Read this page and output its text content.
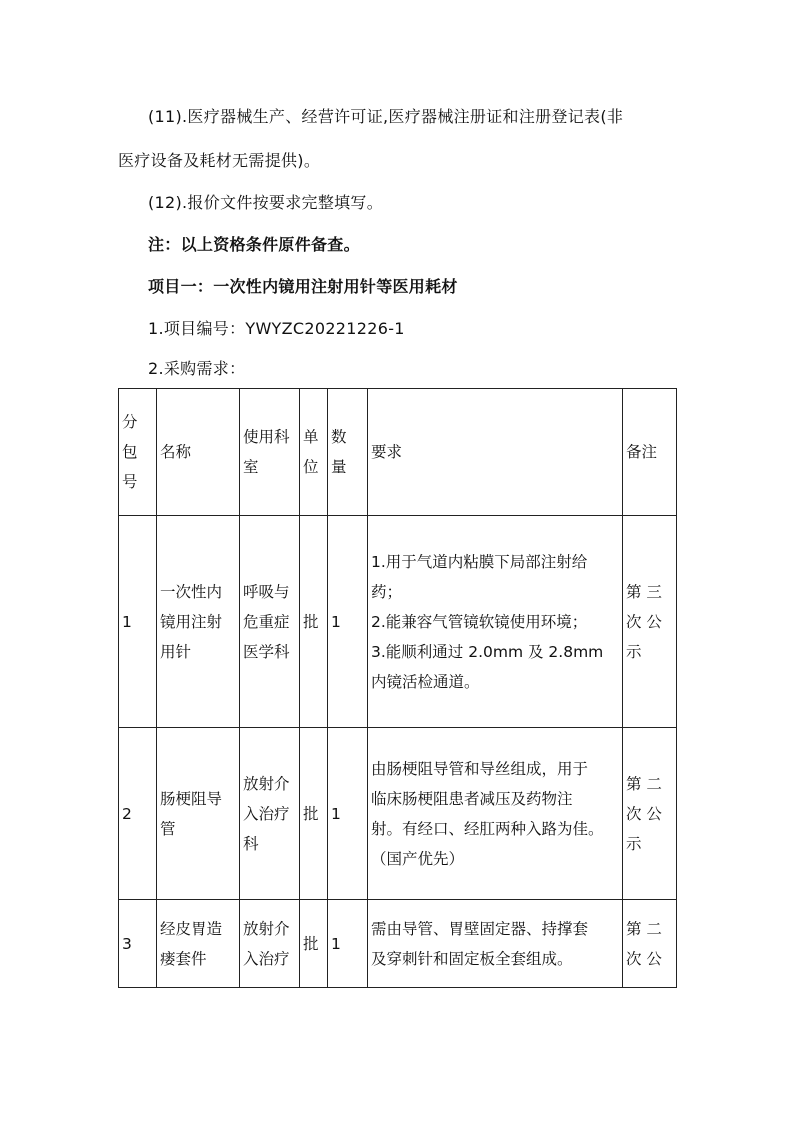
(11).医疗器械生产、经营许可证,医疗器械注册证和注册登记表(非
医疗设备及耗材无需提供)。
(12).报价文件按要求完整填写。
注：以上资格条件原件备查。
项目一：一次性内镜用注射用针等医用耗材
1.项目编号：YWYZC20221226-1
2.采购需求：
分
包
号	名称	使用科
室	单
位	数
量	要求	备注
1	一次性内
镜用注射
用针	呼吸与
危重症
医学科	批	1	1.用于气道内粘膜下局部注射给
药；
2.能兼容气管镜软镜使用环境；
3.能顺利通过 2.0mm 及 2.8mm
内镜活检通道。	第 三
次 公
示

2	肠梗阻导
管	放射介
入治疗
科	批	1	由肠梗阻导管和导丝组成，用于
临床肠梗阻患者减压及药物注
射。有经口、经肛两种入路为佳。
（国产优先）	第 二
次 公
示

3	经皮胃造
瘘套件	放射介
入治疗	批	1	需由导管、胃壁固定器、持撑套
及穿刺针和固定板全套组成。	第 二
次 公
